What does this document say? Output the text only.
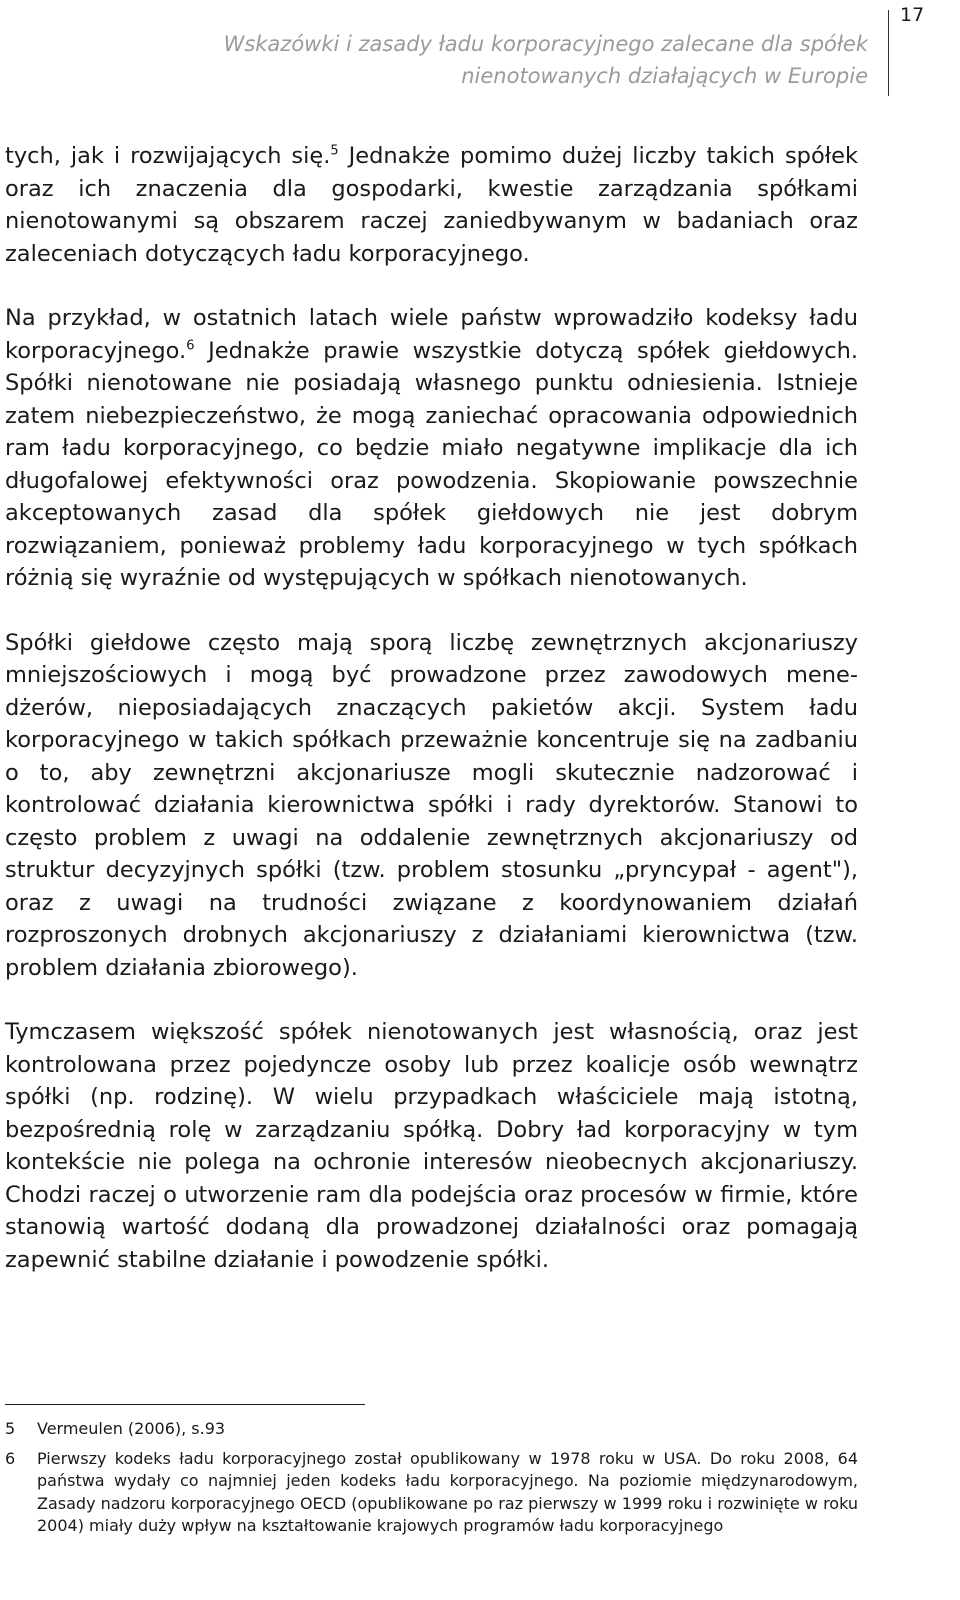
Wskazówki i zasady ładu korporacyjnego zalecane dla spółek
nienotowanych działających w Europie
17

tych, jak i rozwijających się.$^5$ Jednakże pomimo dużej liczby takich spółek oraz ich znaczenia dla gospodarki, kwestie zarządzania spółkami nienotowanymi są obszarem raczej zaniedbywanym w badaniach oraz zaleceniach dotyczących ładu korporacyjnego.

Na przykład, w ostatnich latach wiele państw wprowadziło kodeksy ładu korporacyjnego.$^6$ Jednakże prawie wszystkie dotyczą spółek giełdowych. Spółki nienotowane nie posiadają własnego punktu odniesienia. Istnieje zatem niebezpieczeństwo, że mogą zaniechać opracowania odpowiednich ram ładu korporacyjnego, co będzie miało negatywne implikacje dla ich długofalowej efektywności oraz powodzenia. Skopiowanie powszechnie akceptowanych zasad dla spółek giełdowych nie jest dobrym rozwiązaniem, ponieważ problemy ładu korporacyjnego w tych spółkach różnią się wyraźnie od występujących w spółkach nienotowanych.

Spółki giełdowe często mają sporą liczbę zewnętrznych akcjonariuszy mniejszościowych i mogą być prowadzone przez zawodowych menedżerów, nieposiadających znaczących pakietów akcji. System ładu korporacyjnego w takich spółkach przeważnie koncentruje się na zadbaniu o to, aby zewnętrzni akcjonariusze mogli skutecznie nadzorować i kontrolować działania kierownictwa spółki i rady dyrektorów. Stanowi to często problem z uwagi na oddalenie zewnętrznych akcjonariuszy od struktur decyzyjnych spółki (tzw. problem stosunku „pryncypał - agent"), oraz z uwagi na trudności związane z koordynowaniem działań rozproszonych drobnych akcjonariuszy z działaniami kierownictwa (tzw. problem działania zbiorowego).

Tymczasem większość spółek nienotowanych jest własnością, oraz jest kontrolowana przez pojedyncze osoby lub przez koalicje osób wewnątrz spółki (np. rodzinę). W wielu przypadkach właściciele mają istotną, bezpośrednią rolę w zarządzaniu spółką. Dobry ład korporacyjny w tym kontekście nie polega na ochronie interesów nieobecnych akcjonariuszy. Chodzi raczej o utworzenie ram dla podejścia oraz procesów w firmie, które stanowią wartość dodaną dla prowadzonej działalności oraz pomagają zapewnić stabilne działanie i powodzenie spółki.

5	Vermeulen (2006), s.93
6	Pierwszy kodeks ładu korporacyjnego został opublikowany w 1978 roku w USA. Do roku 2008, 64 państwa wydały co najmniej jeden kodeks ładu korporacyjnego. Na poziomie międzynarodowym, Zasady nadzoru korporacyjnego OECD (opublikowane po raz pierwszy w 1999 roku i rozwinięte w roku 2004) miały duży wpływ na kształtowanie krajowych programów ładu korporacyjnego
